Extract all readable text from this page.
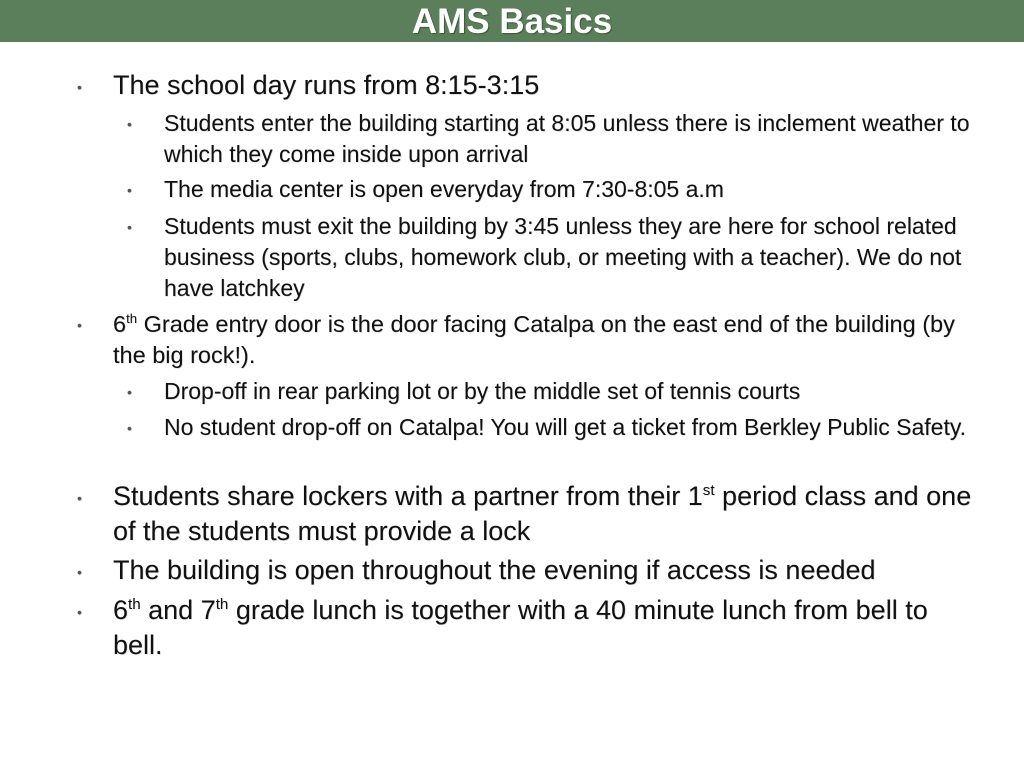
AMS Basics
• The school day runs from 8:15-3:15
• Students enter the building starting at 8:05 unless there is inclement weather to which they come inside upon arrival
• The media center is open everyday from 7:30-8:05 a.m
• Students must exit the building by 3:45 unless they are here for school related business (sports, clubs, homework club, or meeting with a teacher). We do not have latchkey
• 6th Grade entry door is the door facing Catalpa on the east end of the building (by the big rock!).
• Drop-off in rear parking lot or by the middle set of tennis courts
• No student drop-off on Catalpa! You will get a ticket from Berkley Public Safety.
• Students share lockers with a partner from their 1st period class and one of the students must provide a lock
• The building is open throughout the evening if access is needed
• 6th and 7th grade lunch is together with a 40 minute lunch from bell to bell.
